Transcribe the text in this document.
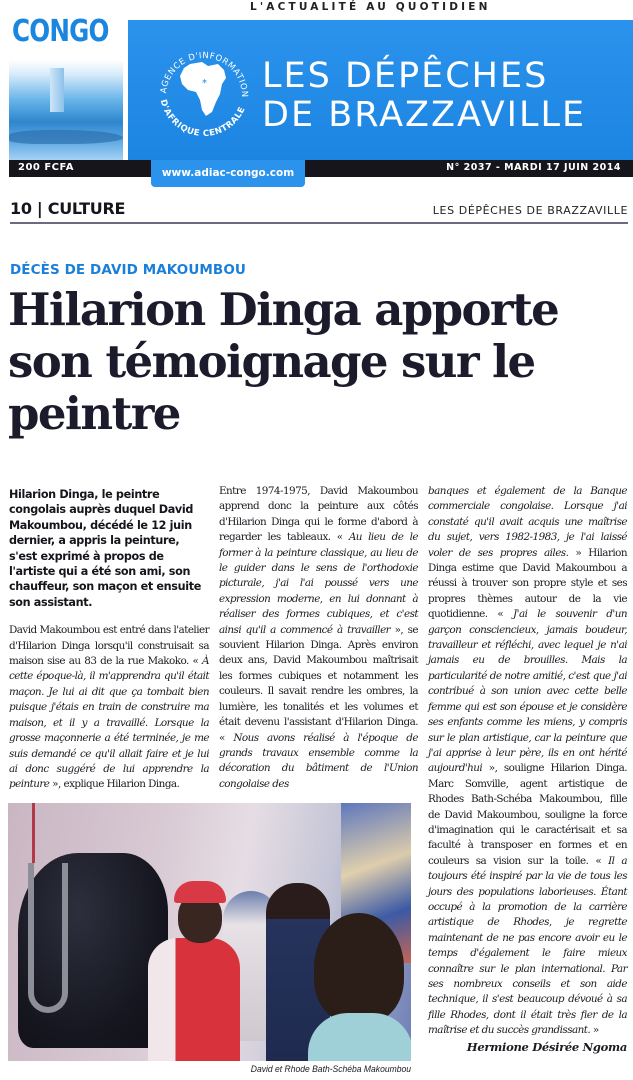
L'ACTUALITÉ AU QUOTIDIEN
CONGO
AGENCE D'INFORMATION
D'AFRIQUE CENTRALE
* LES DÉPÊCHES
DE BRAZZAVILLE
200 FCFA	www.adiac-congo.com	N° 2037 - MARDI 17 JUIN 2014
10 | CULTURE	LES DÉPÊCHES DE BRAZZAVILLE
DÉCÈS DE DAVID MAKOUMBOU
Hilarion Dinga apporte son témoignage sur le peintre

Hilarion Dinga, le peintre congolais auprès duquel David Makoumbou, décédé le 12 juin dernier, a appris la peinture, s'est exprimé à propos de l'artiste qui a été son ami, son chauffeur, son maçon et ensuite son assistant.

David Makoumbou est entré dans l'atelier d'Hilarion Dinga lorsqu'il construisait sa maison sise au 83 de la rue Makoko. « À cette époque-là, il m'apprendra qu'il était maçon. Je lui ai dit que ça tombait bien puisque j'étais en train de construire ma maison, et il y a travaillé. Lorsque la grosse maçonnerie a été terminée, je me suis demandé ce qu'il allait faire et je lui ai donc suggéré de lui apprendre la peinture », explique Hilarion Dinga.

Entre 1974-1975, David Makoumbou apprend donc la peinture aux côtés d'Hilarion Dinga qui le forme d'abord à regarder les tableaux. « Au lieu de le former à la peinture classique, au lieu de le guider dans le sens de l'orthodoxie picturale, j'ai l'ai poussé vers une expression moderne, en lui donnant à réaliser des formes cubiques, et c'est ainsi qu'il a commencé à travailler », se souvient Hilarion Dinga. Après environ deux ans, David Makoumbou maîtrisait les formes cubiques et notamment les couleurs. Il savait rendre les ombres, la lumière, les tonalités et les volumes et était devenu l'assistant d'Hilarion Dinga. « Nous avons réalisé à l'époque de grands travaux ensemble comme la décoration du bâtiment de l'Union congolaise des

banques et également de la Banque commerciale congolaise. Lorsque j'ai constaté qu'il avait acquis une maîtrise du sujet, vers 1982-1983, je l'ai laissé voler de ses propres ailes. » Hilarion Dinga estime que David Makoumbou a réussi à trouver son propre style et ses propres thèmes autour de la vie quotidienne. « J'ai le souvenir d'un garçon consciencieux, jamais boudeur, travailleur et réfléchi, avec lequel je n'ai jamais eu de brouilles. Mais la particularité de notre amitié, c'est que j'ai contribué à son union avec cette belle femme qui est son épouse et je considère ses enfants comme les miens, y compris sur le plan artistique, car la peinture que j'ai apprise à leur père, ils en ont hérité aujourd'hui », souligne Hilarion Dinga. Marc Somville, agent artistique de Rhodes Bath-Schéba Makoumbou, fille de David Makoumbou, souligne la force d'imagination qui le caractérisait et sa faculté à transposer en formes et en couleurs sa vision sur la toile. « Il a toujours été inspiré par la vie de tous les jours des populations laborieuses. Étant occupé à la promotion de la carrière artistique de Rhodes, je regrette maintenant de ne pas encore avoir eu le temps d'également le faire mieux connaître sur le plan international. Par ses nombreux conseils et son aide technique, il s'est beaucoup dévoué à sa fille Rhodes, dont il était très fier de la maîtrise et du succès grandissant. »

Hermione Désirée Ngoma

David et Rhode Bath-Schéba Makoumbou
